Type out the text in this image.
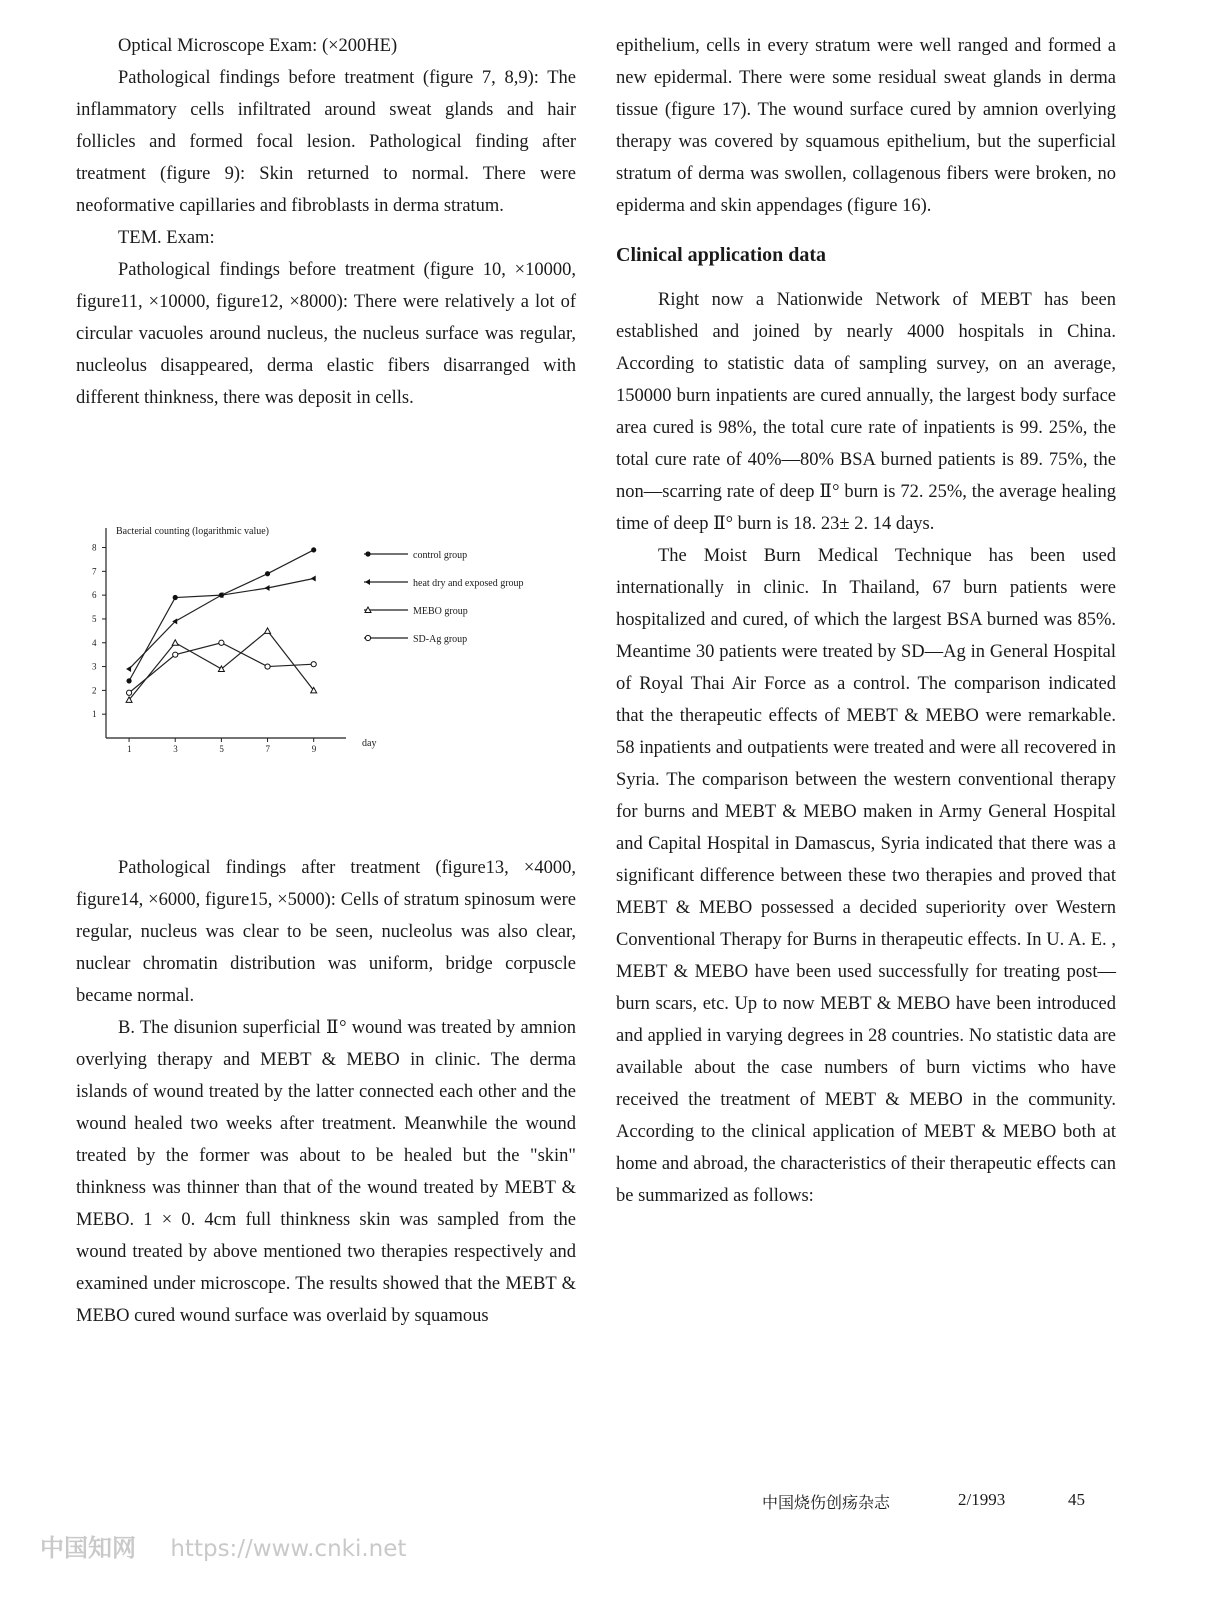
Optical Microscope Exam: (×200HE)

Pathological findings before treatment (figure 7, 8,9): The inflammatory cells infiltrated around sweat glands and hair follicles and formed focal lesion. Pathological finding after treatment (figure 9): Skin returned to normal. There were neoformative capillaries and fibroblasts in derma stratum.

TEM. Exam:

Pathological findings before treatment (figure 10, ×10000, figure11, ×10000, figure12, ×8000): There were relatively a lot of circular vacuoles around nucleus, the nucleus surface was regular, nucleolus disappeared, derma elastic fibers disarranged with different thinkness, there was deposit in cells.

Bacterial counting (logarithmic value)
day
1
2
3
4
5
6
7
8
1	3	5	7	9
control group
heat dry and exposed group
MEBO group
SD-Ag group

Pathological findings after treatment (figure13, ×4000, figure14, ×6000, figure15, ×5000): Cells of stratum spinosum were regular, nucleus was clear to be seen, nucleolus was also clear, nuclear chromatin distribution was uniform, bridge corpuscle became normal.

B. The disunion superficial Ⅱ° wound was treated by amnion overlying therapy and MEBT & MEBO in clinic. The derma islands of wound treated by the latter connected each other and the wound healed two weeks after treatment. Meanwhile the wound treated by the former was about to be healed but the "skin" thinkness was thinner than that of the wound treated by MEBT & MEBO. 1 × 0. 4cm full thinkness skin was sampled from the wound treated by above mentioned two therapies respectively and examined under microscope. The results showed that the MEBT & MEBO cured wound surface was overlaid by squamous

epithelium, cells in every stratum were well ranged and formed a new epidermal. There were some residual sweat glands in derma tissue (figure 17). The wound surface cured by amnion overlying therapy was covered by squamous epithelium, but the superficial stratum of derma was swollen, collagenous fibers were broken, no epiderma and skin appendages (figure 16).

Clinical application data

Right now a Nationwide Network of MEBT has been established and joined by nearly 4000 hospitals in China. According to statistic data of sampling survey, on an average, 150000 burn inpatients are cured annually, the largest body surface area cured is 98%, the total cure rate of inpatients is 99. 25%, the total cure rate of 40%—80% BSA burned patients is 89. 75%, the non—scarring rate of deep Ⅱ° burn is 72. 25%, the average healing time of deep Ⅱ° burn is 18. 23± 2. 14 days.

The Moist Burn Medical Technique has been used internationally in clinic. In Thailand, 67 burn patients were hospitalized and cured, of which the largest BSA burned was 85%. Meantime 30 patients were treated by SD—Ag in General Hospital of Royal Thai Air Force as a control. The comparison indicated that the therapeutic effects of MEBT & MEBO were remarkable. 58 inpatients and outpatients were treated and were all recovered in Syria. The comparison between the western conventional therapy for burns and MEBT & MEBO maken in Army General Hospital and Capital Hospital in Damascus, Syria indicated that there was a significant difference between these two therapies and proved that MEBT & MEBO possessed a decided superiority over Western Conventional Therapy for Burns in therapeutic effects. In U. A. E. , MEBT & MEBO have been used successfully for treating post—burn scars, etc. Up to now MEBT & MEBO have been introduced and applied in varying degrees in 28 countries. No statistic data are available about the case numbers of burn victims who have received the treatment of MEBT & MEBO in the community. According to the clinical application of MEBT & MEBO both at home and abroad, the characteristics of their therapeutic effects can be summarized as follows:

中国烧伤创疡杂志	2/1993	45
中国知网 https://www.cnki.net
